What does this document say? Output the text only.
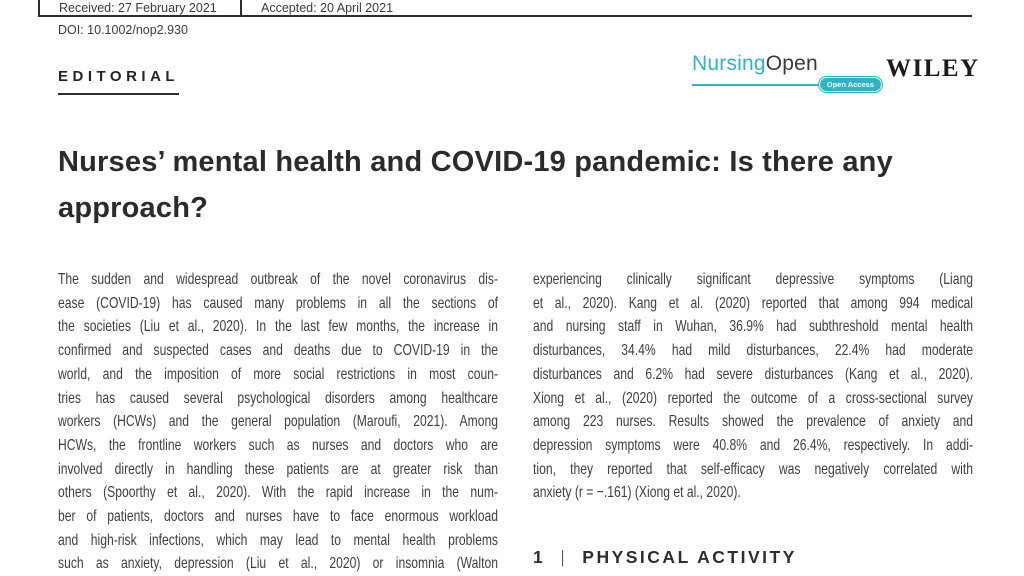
Received: 27 February 2021	Accepted: 20 April 2021
DOI: 10.1002/nop2.930
EDITORIAL
NursingOpen
Open Access
WILEY
Nurses’ mental health and COVID-19 pandemic: Is there any
approach?
The sudden and widespread outbreak of the novel coronavirus dis-
ease (COVID-19) has caused many problems in all the sections of
the societies (Liu et al., 2020). In the last few months, the increase in
confirmed and suspected cases and deaths due to COVID-19 in the
world, and the imposition of more social restrictions in most coun-
tries has caused several psychological disorders among healthcare
workers (HCWs) and the general population (Maroufi, 2021). Among
HCWs, the frontline workers such as nurses and doctors who are
involved directly in handling these patients are at greater risk than
others (Spoorthy et al., 2020). With the rapid increase in the num-
ber of patients, doctors and nurses have to face enormous workload
and high-risk infections, which may lead to mental health problems
such as anxiety, depression (Liu et al., 2020) or insomnia (Walton
experiencing clinically significant depressive symptoms (Liang
et al., 2020). Kang et al. (2020) reported that among 994 medical
and nursing staff in Wuhan, 36.9% had subthreshold mental health
disturbances, 34.4% had mild disturbances, 22.4% had moderate
disturbances and 6.2% had severe disturbances (Kang et al., 2020).
Xiong et al., (2020) reported the outcome of a cross-sectional survey
among 223 nurses. Results showed the prevalence of anxiety and
depression symptoms were 40.8% and 26.4%, respectively. In addi-
tion, they reported that self-efficacy was negatively correlated with
anxiety (r = −.161) (Xiong et al., 2020).
1 | PHYSICAL ACTIVITY
